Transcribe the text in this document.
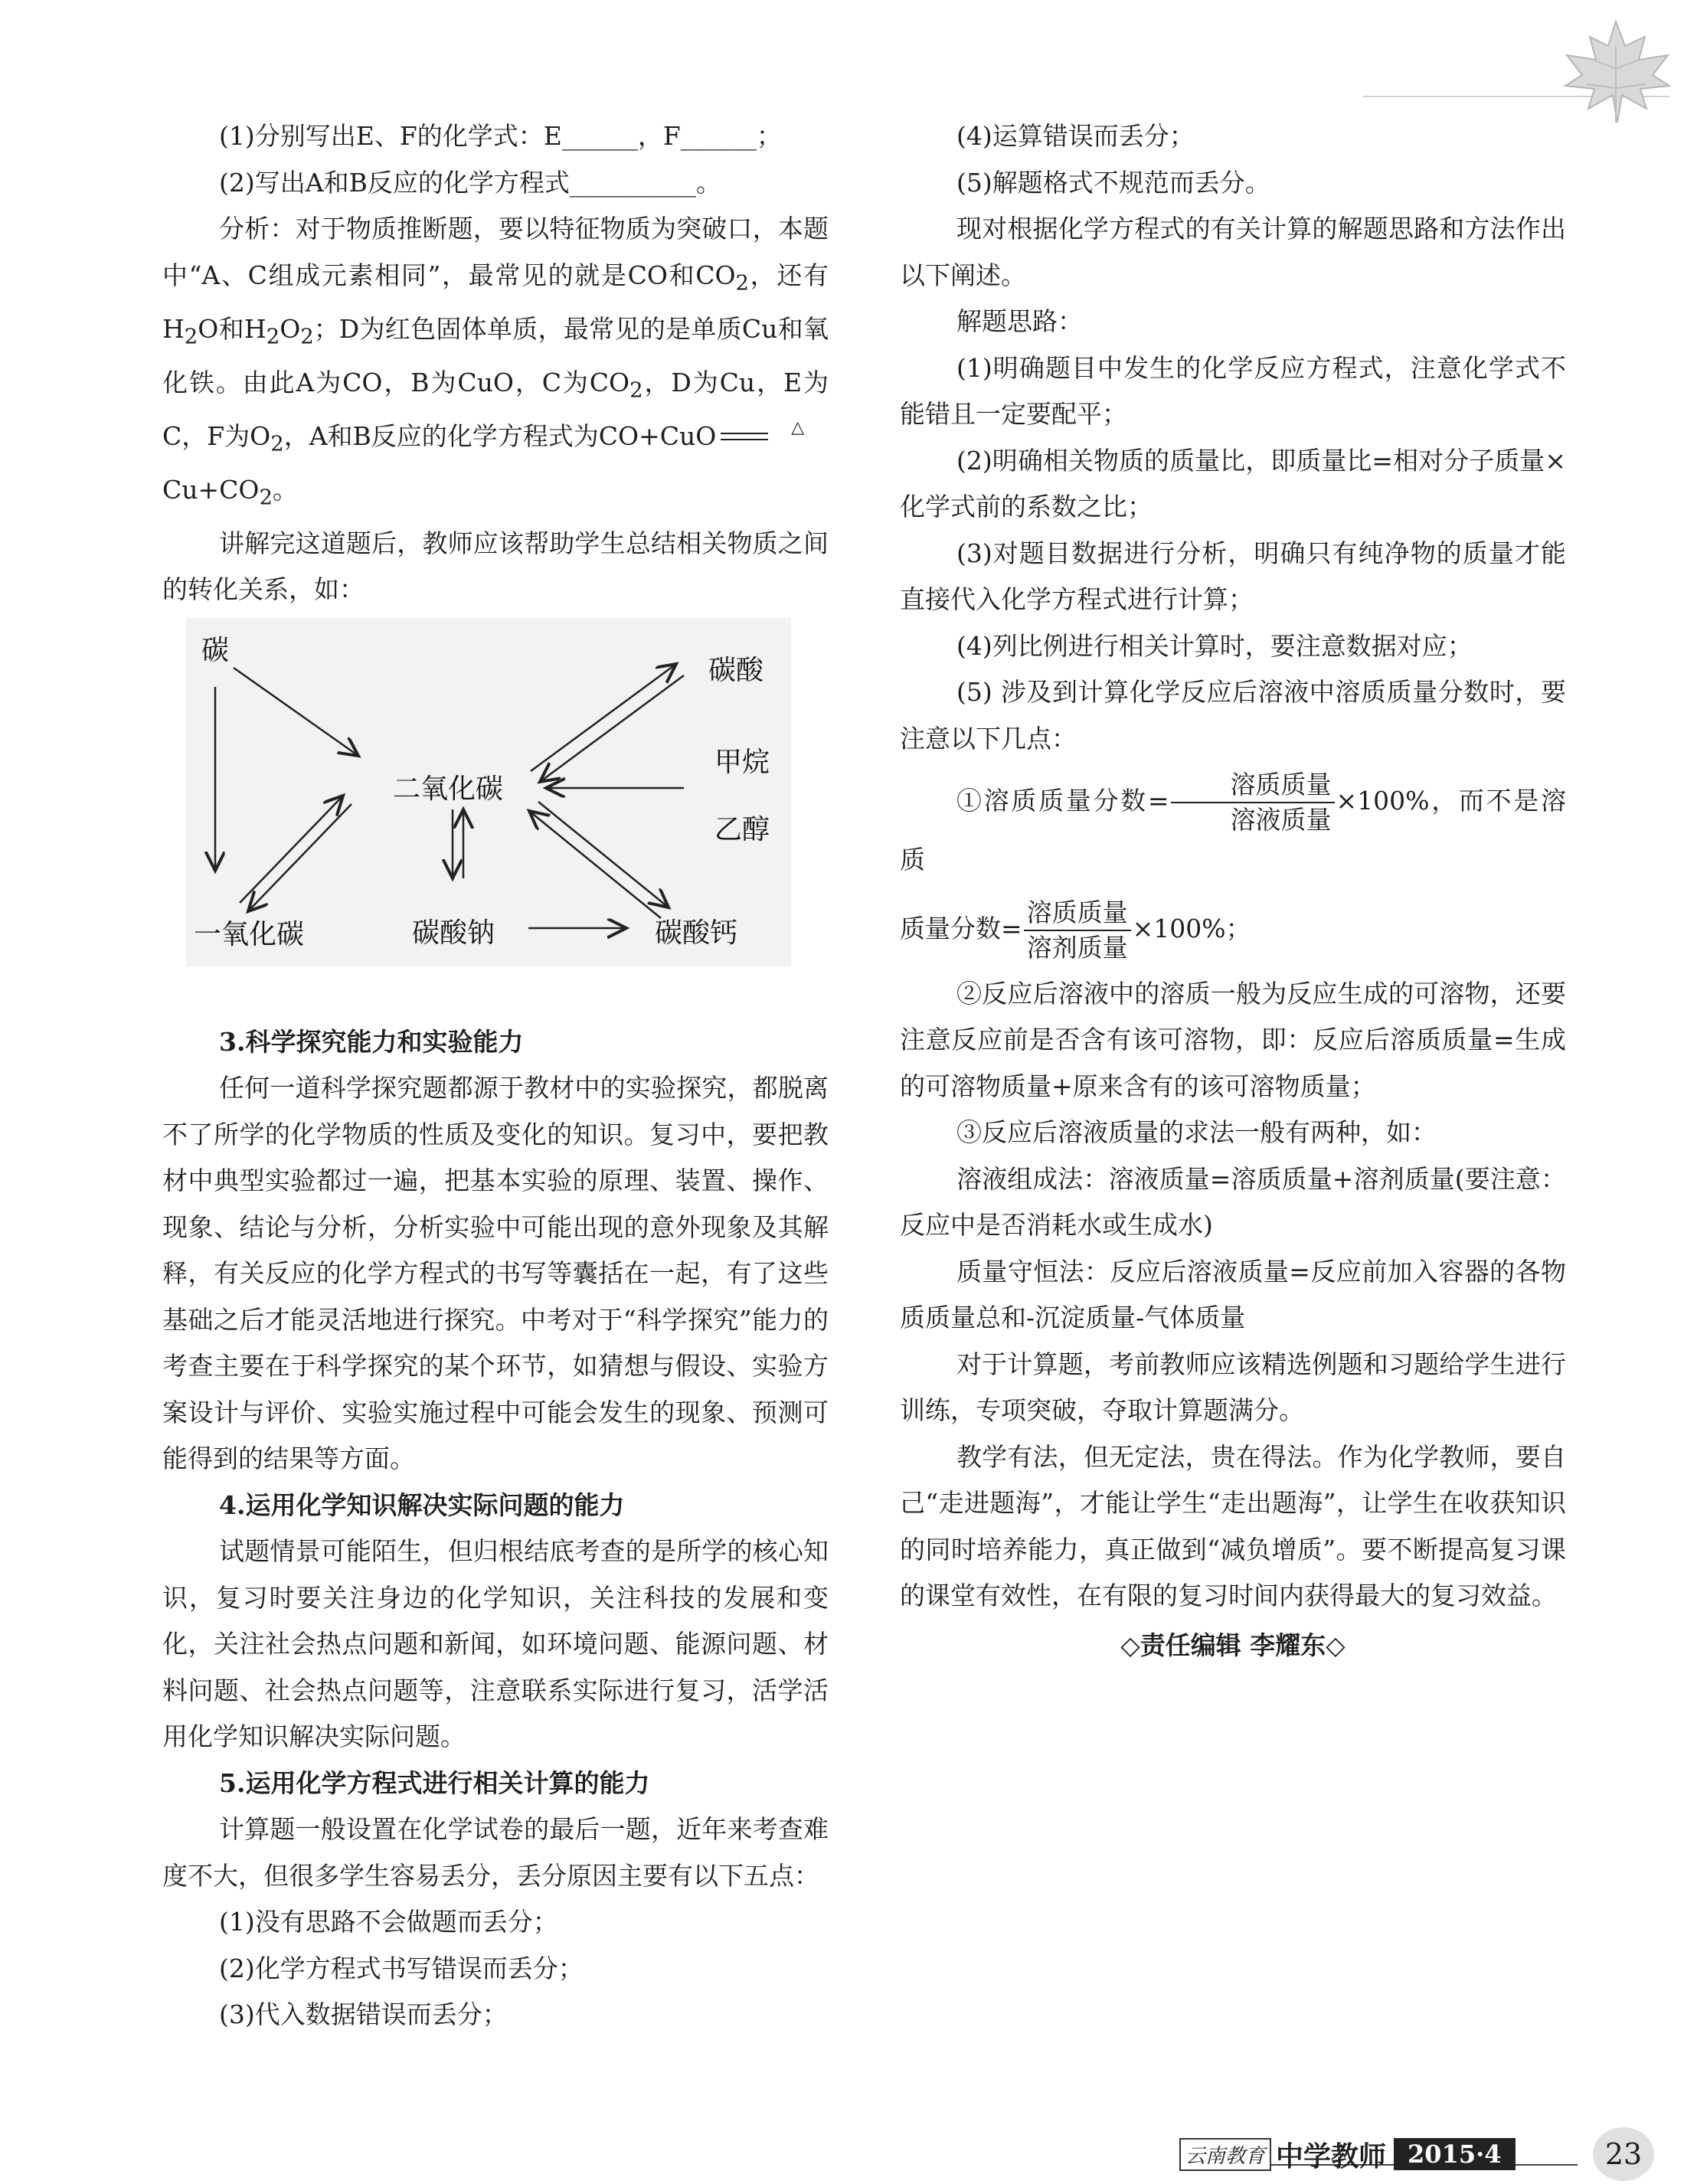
(1)分别写出E、F的化学式：E______，F______；

(2)写出A和B反应的化学方程式__________。

分析：对于物质推断题，要以特征物质为突破口，本题中“A、C组成元素相同”，最常见的就是CO和$CO_2$，还有$H_2O$和$H_2O_2$；D为红色固体单质，最常见的是单质Cu和氧化铁。由此A为CO，B为CuO，C为$CO_2$，D为Cu，E为C，F为$O_2$，A和B反应的化学方程式为CO+CuO	△

$Cu+CO_2$。

讲解完这道题后，教师应该帮助学生总结相关物质之间的转化关系，如：

3.科学探究能力和实验能力

任何一道科学探究题都源于教材中的实验探究，都脱离不了所学的化学物质的性质及变化的知识。复习中，要把教材中典型实验都过一遍，把基本实验的原理、装置、操作、现象、结论与分析，分析实验中可能出现的意外现象及其解释，有关反应的化学方程式的书写等囊括在一起，有了这些基础之后才能灵活地进行探究。中考对于“科学探究”能力的考查主要在于科学探究的某个环节，如猜想与假设、实验方案设计与评价、实验实施过程中可能会发生的现象、预测可能得到的结果等方面。

4.运用化学知识解决实际问题的能力

试题情景可能陌生，但归根结底考查的是所学的核心知识，复习时要关注身边的化学知识，关注科技的发展和变化，关注社会热点问题和新闻，如环境问题、能源问题、材料问题、社会热点问题等，注意联系实际进行复习，活学活用化学知识解决实际问题。

5.运用化学方程式进行相关计算的能力

计算题一般设置在化学试卷的最后一题，近年来考查难度不大，但很多学生容易丢分，丢分原因主要有以下五点：

(1)没有思路不会做题而丢分；

(2)化学方程式书写错误而丢分；

(3)代入数据错误而丢分；

碳
碳酸
二氧化碳
甲烷
乙醇
一氧化碳	碳酸钠	碳酸钙

(4)运算错误而丢分；

(5)解题格式不规范而丢分。

现对根据化学方程式的有关计算的解题思路和方法作出以下阐述。

解题思路：

(1)明确题目中发生的化学反应方程式，注意化学式不能错且一定要配平；

(2)明确相关物质的质量比，即质量比=相对分子质量×化学式前的系数之比；

(3)对题目数据进行分析，明确只有纯净物的质量才能直接代入化学方程式进行计算；

(4)列比例进行相关计算时，要注意数据对应；

(5) 涉及到计算化学反应后溶液中溶质质量分数时，要注意以下几点：

①溶质质量分数= $\frac{\text{溶质质量}}{\text{溶液质量}} \times 100\%$，而不是溶质

质量分数= $\frac{\text{溶质质量}}{\text{溶剂质量}} \times 100\%$；

②反应后溶液中的溶质一般为反应生成的可溶物，还要注意反应前是否含有该可溶物，即：反应后溶质质量=生成的可溶物质量+原来含有的该可溶物质量；

③反应后溶液质量的求法一般有两种，如：

溶液组成法：溶液质量=溶质质量+溶剂质量(要注意：反应中是否消耗水或生成水)

质量守恒法：反应后溶液质量=反应前加入容器的各物质质量总和-沉淀质量-气体质量

对于计算题，考前教师应该精选例题和习题给学生进行训练，专项突破，夺取计算题满分。

教学有法，但无定法，贵在得法。作为化学教师，要自己“走进题海”，才能让学生“走出题海”，让学生在收获知识的同时培养能力，真正做到“减负增质”。要不断提高复习课的课堂有效性，在有限的复习时间内获得最大的复习效益。

◇责任编辑 李耀东◇

云南教育 中学教师 2015·4	23
